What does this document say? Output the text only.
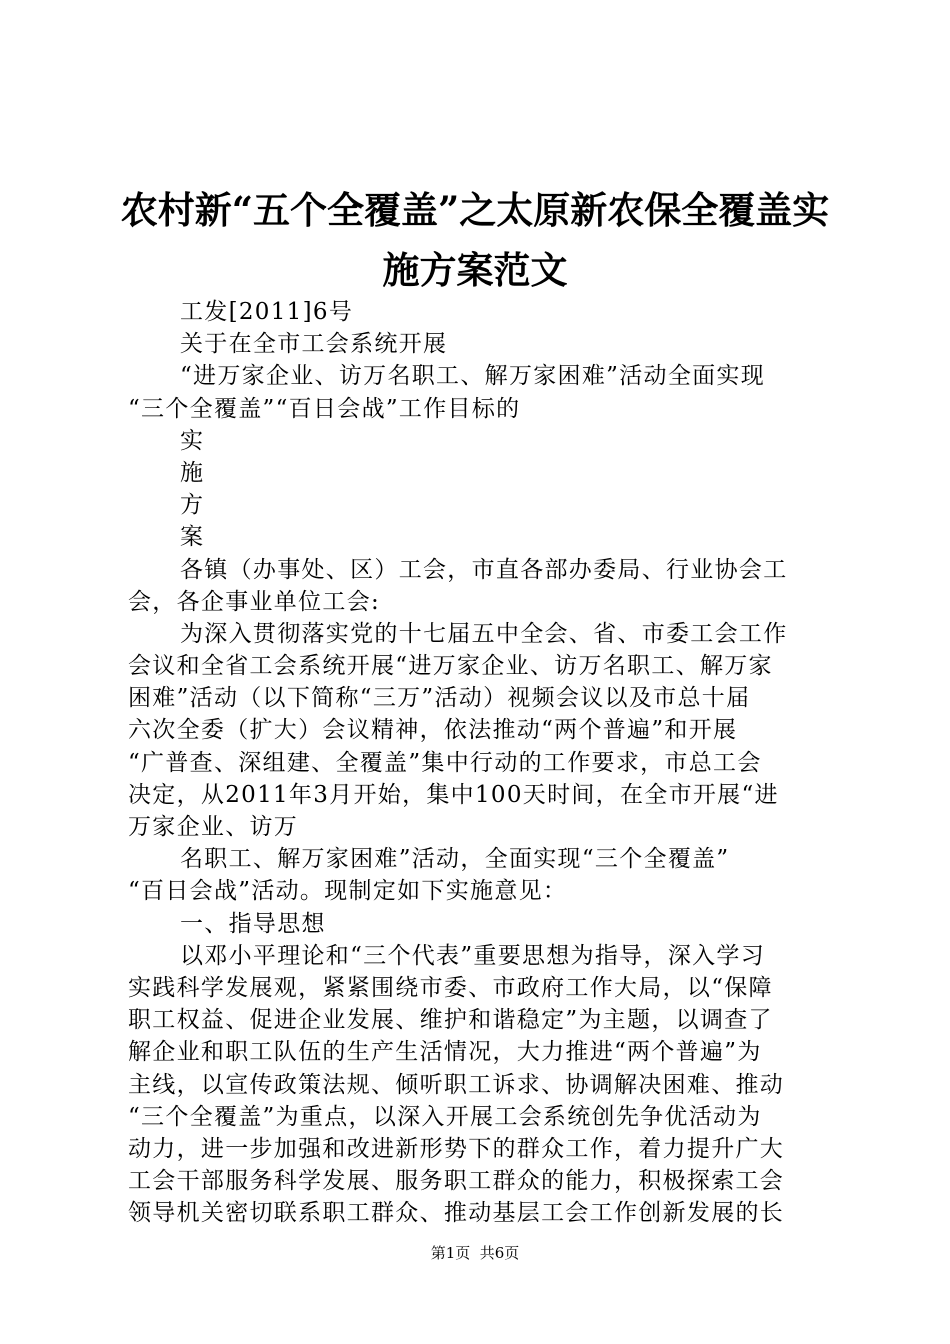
农村新“五个全覆盖”之太原新农保全覆盖实
施方案范文

工发[2011]6号

关于在全市工会系统开展

“进万家企业、访万名职工、解万家困难”活动全面实现

“三个全覆盖”“百日会战”工作目标的

实

施

方

案

各镇（办事处、区）工会，市直各部办委局、行业协会工

会，各企事业单位工会:

为深入贯彻落实党的十七届五中全会、省、市委工会工作

会议和全省工会系统开展“进万家企业、访万名职工、解万家

困难”活动（以下简称“三万”活动）视频会议以及市总十届

六次全委（扩大）会议精神，依法推动“两个普遍”和开展

“广普查、深组建、全覆盖”集中行动的工作要求，市总工会

决定，从2011年3月开始，集中100天时间，在全市开展“进

万家企业、访万

名职工、解万家困难”活动，全面实现“三个全覆盖”

“百日会战”活动。现制定如下实施意见：

一、指导思想

以邓小平理论和“三个代表”重要思想为指导，深入学习

实践科学发展观，紧紧围绕市委、市政府工作大局，以“保障

职工权益、促进企业发展、维护和谐稳定”为主题，以调查了

解企业和职工队伍的生产生活情况，大力推进“两个普遍”为

主线，以宣传政策法规、倾听职工诉求、协调解决困难、推动

“三个全覆盖”为重点，以深入开展工会系统创先争优活动为

动力，进一步加强和改进新形势下的群众工作，着力提升广大

工会干部服务科学发展、服务职工群众的能力，积极探索工会

领导机关密切联系职工群众、推动基层工会工作创新发展的长

第1页  共6页
